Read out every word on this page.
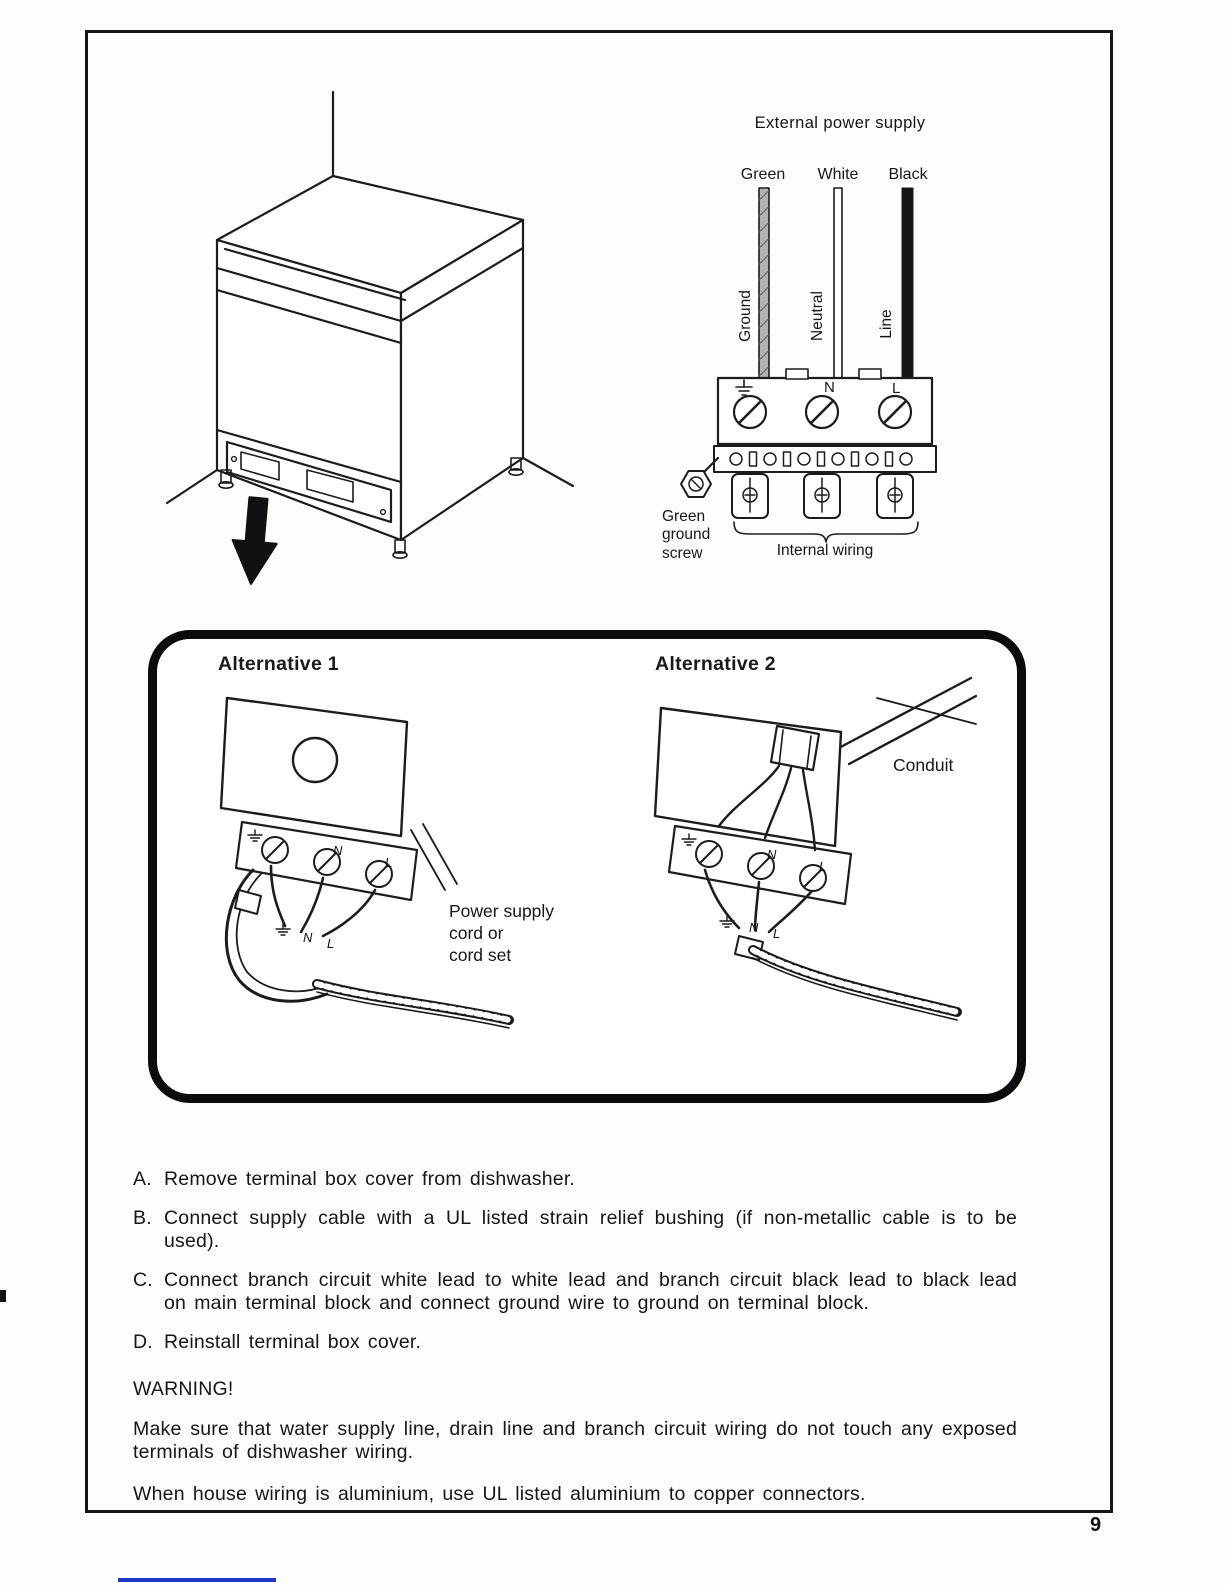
External power supply
Green	White	Black
Ground	Neutral	Line
N	L
Green
ground
screw	Internal wiring
Alternative 1	Alternative 2
N
L
N L
N
L
N L
Power supply
cord or
cord set
Conduit
A. Remove terminal box cover from dishwasher.
B. Connect supply cable with a UL listed strain relief bushing (if non-metallic cable is to be used).
C. Connect branch circuit white lead to white lead and branch circuit black lead to black lead on main terminal block and connect ground wire to ground on terminal block.
D. Reinstall terminal box cover.
WARNING!
Make sure that water supply line, drain line and branch circuit wiring do not touch any exposed terminals of dishwasher wiring.
When house wiring is aluminium, use UL listed aluminium to copper connectors.
9
